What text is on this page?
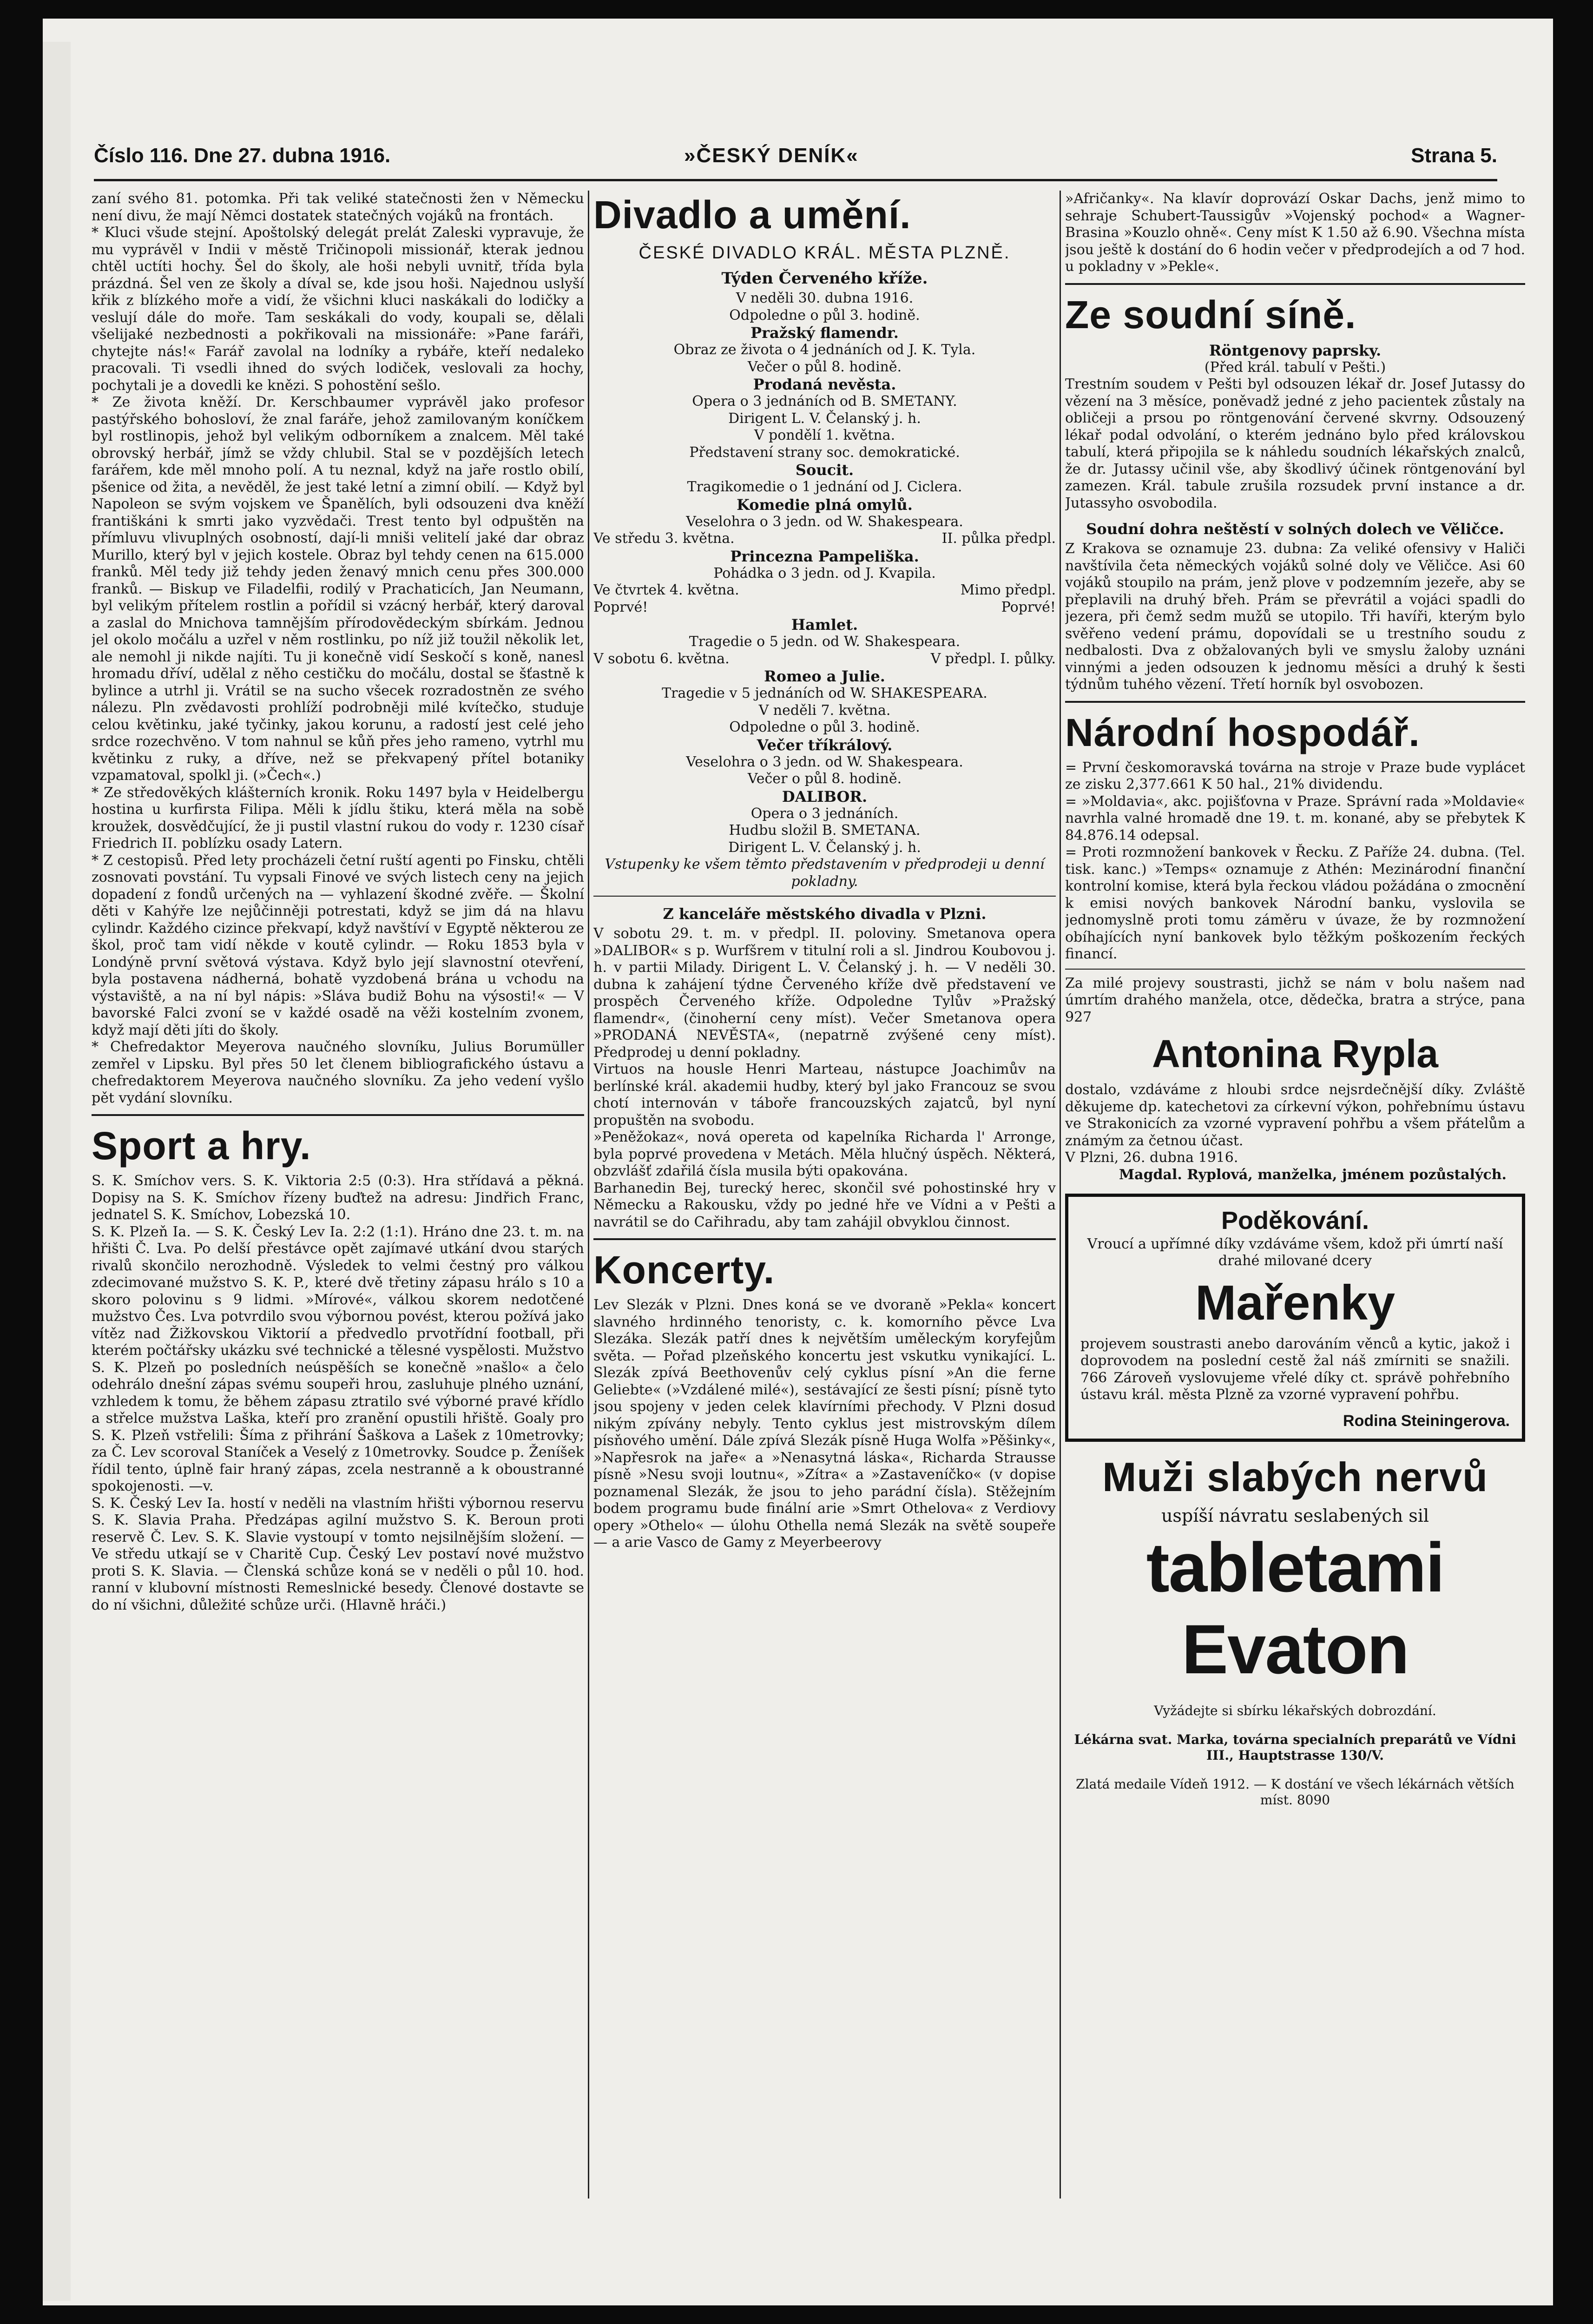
Číslo 116. Dne 27. dubna 1916.	»ČESKÝ DENÍK«	Strana 5.

zaní svého 81. potomka. Při tak veliké statečnosti žen v Německu není divu, že mají Němci dostatek statečných vojáků na frontách.

* Kluci všude stejní. Apoštolský delegát prelát Zaleski vypravuje, že mu vyprávěl v Indii v městě Tričinopoli missionář, kterak jednou chtěl uctíti hochy. Šel do školy, ale hoši nebyli uvnitř, třída byla prázdná. Šel ven ze školy a díval se, kde jsou hoši. Najednou uslyší křik z blízkého moře a vidí, že všichni kluci naskákali do lodičky a veslují dále do moře. Tam seskákali do vody, koupali se, dělali všelijaké nezbednosti a pokřikovali na missionáře: »Pane faráři, chytejte nás!« Farář zavolal na lodníky a rybáře, kteří nedaleko pracovali. Ti vsedli ihned do svých lodiček, veslovali za hochy, pochytali je a dovedli ke knězi. S pohostění sešlo.

* Ze života kněží. Dr. Kerschbaumer vyprávěl jako profesor pastýřského bohosloví, že znal faráře, jehož zamilovaným koníčkem byl rostlinopis, jehož byl velikým odborníkem a znalcem. Měl také obrovský herbář, jímž se vždy chlubil. Stal se v pozdějších letech farářem, kde měl mnoho polí. A tu neznal, když na jaře rostlo obilí, pšenice od žita, a nevěděl, že jest také letní a zimní obilí. — Když byl Napoleon se svým vojskem ve Španělích, byli odsouzeni dva kněží františkáni k smrti jako vyzvědači. Trest tento byl odpuštěn na přímluvu vlivuplných osobností, dají-li mniši velitelí jaké dar obraz Murillo, který byl v jejich kostele. Obraz byl tehdy cenen na 615.000 franků. Měl tedy již tehdy jeden ženavý mnich cenu přes 300.000 franků. — Biskup ve Filadelfii, rodilý v Prachaticích, Jan Neumann, byl velikým přítelem rostlin a pořídil si vzácný herbář, který daroval a zaslal do Mnichova tamnějším přírodovědeckým sbírkám. Jednou jel okolo močálu a uzřel v něm rostlinku, po níž již toužil několik let, ale nemohl ji nikde najíti. Tu ji konečně vidí Seskočí s koně, nanesl hromadu dříví, udělal z něho cestičku do močálu, dostal se šťastně k bylince a utrhl ji. Vrátil se na sucho všecek rozradostněn ze svého nálezu. Pln zvědavosti prohlíží podrobněji milé kvítečko, studuje celou květinku, jaké tyčinky, jakou korunu, a radostí jest celé jeho srdce rozechvěno. V tom nahnul se kůň přes jeho rameno, vytrhl mu květinku z ruky, a dříve, než se překvapený přítel botaniky vzpamatoval, spolkl ji. (»Čech«.)

* Ze středověkých klášterních kronik. Roku 1497 byla v Heidelbergu hostina u kurfirsta Filipa. Měli k jídlu štiku, která měla na sobě kroužek, dosvědčující, že ji pustil vlastní rukou do vody r. 1230 císař Friedrich II. poblízku osady Latern.

* Z cestopisů. Před lety procházeli četní ruští agenti po Finsku, chtěli zosnovati povstání. Tu vypsali Finové ve svých listech ceny na jejich dopadení z fondů určených na — vyhlazení škodné zvěře. — Školní děti v Kahýře lze nejůčinněji potrestati, když se jim dá na hlavu cylindr. Každého cizince překvapí, když navštíví v Egyptě některou ze škol, proč tam vidí někde v koutě cylindr. — Roku 1853 byla v Londýně první světová výstava. Když bylo její slavnostní otevření, byla postavena nádherná, bohatě vyzdobená brána u vchodu na výstaviště, a na ní byl nápis: »Sláva budiž Bohu na výsosti!« — V bavorské Falci zvoní se v každé osadě na věži kostelním zvonem, když mají děti jíti do školy.

* Chefredaktor Meyerova naučného slovníku, Julius Borumüller zemřel v Lipsku. Byl přes 50 let členem bibliografického ústavu a chefredaktorem Meyerova naučného slovníku. Za jeho vedení vyšlo pět vydání slovníku.

Sport a hry.

S. K. Smíchov vers. S. K. Viktoria 2:5 (0:3). Hra střídavá a pěkná. Dopisy na S. K. Smíchov řízeny buďtež na adresu: Jindřich Franc, jednatel S. K. Smíchov, Lobezská 10.

S. K. Plzeň Ia. — S. K. Český Lev Ia. 2:2 (1:1). Hráno dne 23. t. m. na hřišti Č. Lva. Po delší přestávce opět zajímavé utkání dvou starých rivalů skončilo nerozhodně. Výsledek to velmi čestný pro válkou zdecimované mužstvo S. K. P., které dvě třetiny zápasu hrálo s 10 a skoro polovinu s 9 lidmi. »Mírové«, válkou skorem nedotčené mužstvo Čes. Lva potvrdilo svou výbornou povést, kterou požívá jako vítěz nad Žižkovskou Viktorií a předvedlo prvotřídní football, při kterém počtářsky ukázku své technické a tělesné vyspělosti. Mužstvo S. K. Plzeň po posledních neúspěších se konečně »našlo« a čelo odehrálo dnešní zápas svému soupeři hrou, zasluhuje plného uznání, vzhledem k tomu, že během zápasu ztratilo své výborné pravé křídlo a střelce mužstva Laška, kteří pro zranění opustili hřiště. Goaly pro S. K. Plzeň vstřelili: Šíma z přihrání Šaškova a Lašek z 10metrovky; za Č. Lev scoroval Staníček a Veselý z 10metrovky. Soudce p. Ženíšek řídil tento, úplně fair hraný zápas, zcela nestranně a k oboustranné spokojenosti. —v.

S. K. Český Lev Ia. hostí v neděli na vlastním hřišti výbornou reservu S. K. Slavia Praha. Předzápas agilní mužstvo S. K. Beroun proti reservě Č. Lev. S. K. Slavie vystoupí v tomto nejsilnějším složení. — Ve středu utkají se v Charitě Cup. Český Lev postaví nové mužstvo proti S. K. Slavia. — Členská schůze koná se v neděli o půl 10. hod. ranní v klubovní místnosti Remeslnické besedy. Členové dostavte se do ní všichni, důležité schůze urči. (Hlavně hráči.)

Divadlo a umění.
ČESKÉ DIVADLO KRÁL. MĚSTA PLZNĚ.
Týden Červeného kříže.

V neděli 30. dubna 1916.

Odpoledne o půl 3. hodině.

Pražský flamendr.

Obraz ze života o 4 jednáních od J. K. Tyla.

Večer o půl 8. hodině.

Prodaná nevěsta.

Opera o 3 jednáních od B. SMETANY.

Dirigent L. V. Čelanský j. h.

V pondělí 1. května.

Představení strany soc. demokratické.

Soucit.

Tragikomedie o 1 jednání od J. Ciclera.

Komedie plná omylů.

Veselohra o 3 jedn. od W. Shakespeara.

Ve středu 3. května.	II. půlka předpl.
Princezna Pampeliška.

Pohádka o 3 jedn. od J. Kvapila.

Ve čtvrtek 4. května.	Mimo předpl.
Poprvé!	Poprvé!
Hamlet.

Tragedie o 5 jedn. od W. Shakespeara.

V sobotu 6. května.	V předpl. I. půlky.
Romeo a Julie.

Tragedie v 5 jednáních od W. SHAKESPEARA.

V neděli 7. května.

Odpoledne o půl 3. hodině.

Večer tříkrálový.

Veselohra o 3 jedn. od W. Shakespeara.

Večer o půl 8. hodině.

DALIBOR.

Opera o 3 jednáních.

Hudbu složil B. SMETANA.

Dirigent L. V. Čelanský j. h.

Vstupenky ke všem těmto představením v předprodeji u denní pokladny.

Z kanceláře městského divadla v Plzni.

V sobotu 29. t. m. v předpl. II. poloviny. Smetanova opera »DALIBOR« s p. Wurfšrem v titulní roli a sl. Jindrou Koubovou j. h. v partii Milady. Dirigent L. V. Čelanský j. h. — V neděli 30. dubna k zahájení týdne Červeného kříže dvě představení ve prospěch Červeného kříže. Odpoledne Tylův »Pražský flamendr«, (činoherní ceny míst). Večer Smetanova opera »PRODANÁ NEVĚSTA«, (nepatrně zvýšené ceny míst). Předprodej u denní pokladny.

Virtuos na housle Henri Marteau, nástupce Joachimův na berlínské král. akademii hudby, který byl jako Francouz se svou chotí internován v táboře francouzských zajatců, byl nyní propuštěn na svobodu.

»Peněžokaz«, nová opereta od kapelníka Richarda l' Arronge, byla poprvé provedena v Metách. Měla hlučný úspěch. Některá, obzvlášť zdařilá čísla musila býti opakována.

Barhanedin Bej, turecký herec, skončil své pohostinské hry v Německu a Rakousku, vždy po jedné hře ve Vídni a v Pešti a navrátil se do Cařihradu, aby tam zahájil obvyklou činnost.

Koncerty.

Lev Slezák v Plzni. Dnes koná se ve dvoraně »Pekla« koncert slavného hrdinného tenoristy, c. k. komorního pěvce Lva Slezáka. Slezák patří dnes k největším uměleckým koryfejům světa. — Pořad plzeňského koncertu jest vskutku vynikající. L. Slezák zpívá Beethovenův celý cyklus písní »An die ferne Geliebte« (»Vzdálené milé«), sestávající ze šesti písní; písně tyto jsou spojeny v jeden celek klavírními přechody. V Plzni dosud nikým zpívány nebyly. Tento cyklus jest mistrovským dílem písňového umění. Dále zpívá Slezák písně Huga Wolfa »Pěšinky«, »Napřesrok na jaře« a »Nenasytná láska«, Richarda Strausse písně »Nesu svoji loutnu«, »Zítra« a »Zastaveníčko« (v dopise poznamenal Slezák, že jsou to jeho parádní čísla). Stěžejním bodem programu bude finální arie »Smrt Othelova« z Verdiovy opery »Othelo« — úlohu Othella nemá Slezák na světě soupeře — a arie Vasco de Gamy z Meyerbeerovy

»Afričanky«. Na klavír doprovází Oskar Dachs, jenž mimo to sehraje Schubert-Taussigův »Vojenský pochod« a Wagner-Brasina »Kouzlo ohně«. Ceny míst K 1.50 až 6.90. Všechna místa jsou ještě k dostání do 6 hodin večer v předprodejích a od 7 hod. u pokladny v »Pekle«.

Ze soudní síně.
Röntgenovy paprsky.

(Před král. tabulí v Pešti.)

Trestním soudem v Pešti byl odsouzen lékař dr. Josef Jutassy do vězení na 3 měsíce, poněvadž jedné z jeho pacientek zůstaly na obličeji a prsou po röntgenování červené skvrny. Odsouzený lékař podal odvolání, o kterém jednáno bylo před královskou tabulí, která připojila se k náhledu soudních lékařských znalců, že dr. Jutassy učinil vše, aby škodlivý účinek röntgenování byl zamezen. Král. tabule zrušila rozsudek první instance a dr. Jutassyho osvobodila.

Soudní dohra neštěstí v solných dolech ve Věličce.

Z Krakova se oznamuje 23. dubna: Za veliké ofensivy v Haliči navštívila četa německých vojáků solné doly ve Věličce. Asi 60 vojáků stoupilo na prám, jenž plove v podzemním jezeře, aby se přeplavili na druhý břeh. Prám se převrátil a vojáci spadli do jezera, při čemž sedm mužů se utopilo. Tři havíři, kterým bylo svěřeno vedení prámu, dopovídali se u trestního soudu z nedbalosti. Dva z obžalovaných byli ve smyslu žaloby uznáni vinnými a jeden odsouzen k jednomu měsíci a druhý k šesti týdnům tuhého vězení. Třetí horník byl osvobozen.

Národní hospodář.

= První českomoravská továrna na stroje v Praze bude vyplácet ze zisku 2,377.661 K 50 hal., 21% dividendu.

= »Moldavia«, akc. pojišťovna v Praze. Správní rada »Moldavie« navrhla valné hromadě dne 19. t. m. konané, aby se přebytek K 84.876.14 odepsal.

= Proti rozmnožení bankovek v Řecku. Z Paříže 24. dubna. (Tel. tisk. kanc.) »Temps« oznamuje z Athén: Mezinárodní finanční kontrolní komise, která byla řeckou vládou požádána o zmocnění k emisi nových bankovek Národní banku, vyslovila se jednomyslně proti tomu záměru v úvaze, že by rozmnožení obíhajících nyní bankovek bylo těžkým poškozením řeckých financí.

Za milé projevy soustrasti, jichž se nám v bolu našem nad úmrtím drahého manžela, otce, dědečka, bratra a strýce, pana 927

Antonina Rypla

dostalo, vzdáváme z hloubi srdce nejsrdečnější díky. Zvláště děkujeme dp. katechetovi za církevní výkon, pohřebnímu ústavu ve Strakonicích za vzorné vypravení pohřbu a všem přátelům a známým za četnou účast.

V Plzni, 26. dubna 1916.

Magdal. Ryplová, manželka, jménem pozůstalých.
Poděkování.

Vroucí a upřímné díky vzdáváme všem, kdož při úmrtí naší drahé milované dcery

Mařenky

projevem soustrasti anebo darováním věnců a kytic, jakož i doprovodem na poslední cestě žal náš zmírniti se snažili. 766 Zároveň vyslovujeme vřelé díky ct. správě pohřebního ústavu král. města Plzně za vzorné vypravení pohřbu.

Rodina Steiningerova.
Muži slabých nervů
uspíší návratu seslabených sil
tabletami Evaton

Vyžádejte si sbírku lékařských dobrozdání.

Lékárna svat. Marka, továrna specialních preparátů ve Vídni III., Hauptstrasse 130/V.

Zlatá medaile Vídeň 1912. — K dostání ve všech lékárnách větších míst. 8090
